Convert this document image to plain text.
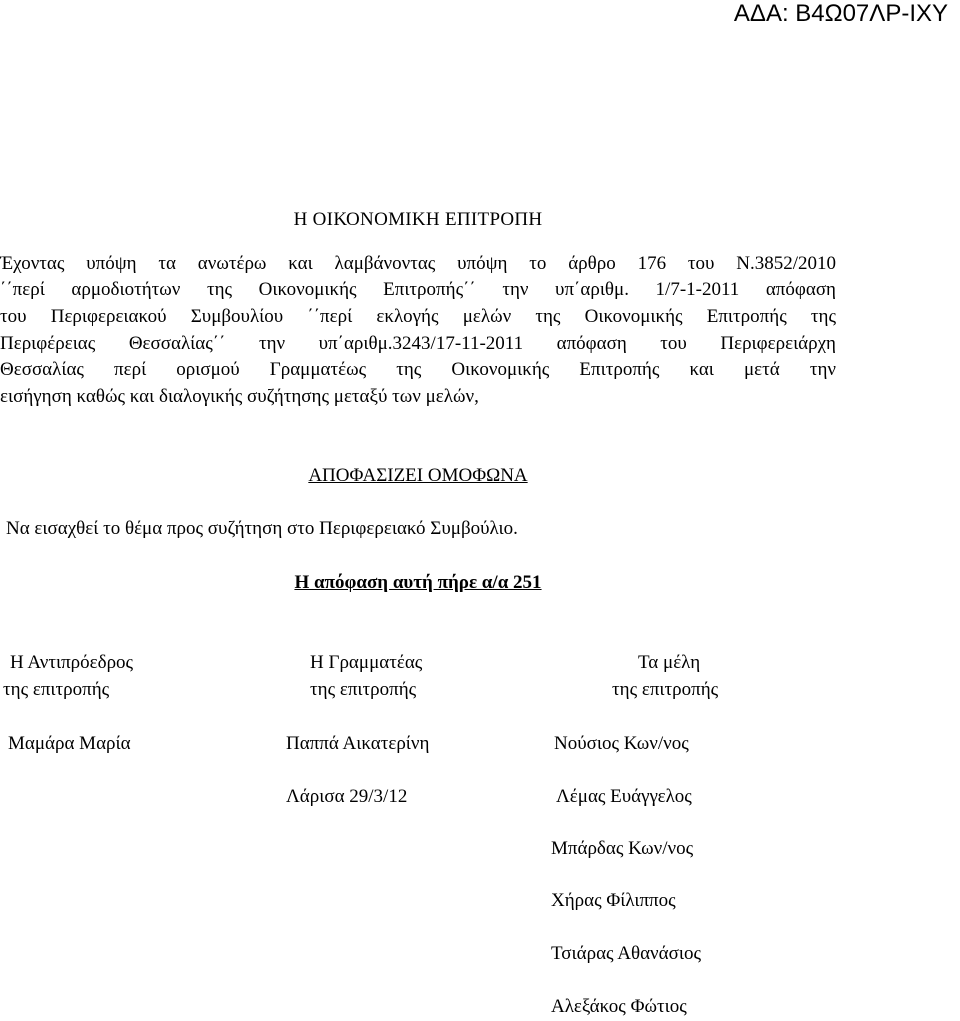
ΑΔΑ: Β4Ω07ΛΡ-ΙΧΥ
Η ΟΙΚΟΝΟΜΙΚΗ ΕΠΙΤΡΟΠΗ
Έχοντας υπόψη τα ανωτέρω και λαμβάνοντας υπόψη το άρθρο 176 του Ν.3852/2010
΄΄περί αρμοδιοτήτων της Οικονομικής Επιτροπής΄΄ την υπ΄αριθμ. 1/7-1-2011 απόφαση
του Περιφερειακού Συμβουλίου ΄΄περί εκλογής μελών της Οικονομικής Επιτροπής της
Περιφέρειας Θεσσαλίας΄΄ την υπ΄αριθμ.3243/17-11-2011 απόφαση του Περιφερειάρχη
Θεσσαλίας περί ορισμού Γραμματέως της Οικονομικής Επιτροπής και μετά την
εισήγηση καθώς και διαλογικής συζήτησης μεταξύ των μελών,
ΑΠΟΦΑΣΙΖΕΙ ΟΜΟΦΩΝΑ
Να εισαχθεί το θέμα προς συζήτηση στο Περιφερειακό Συμβούλιο.
Η απόφαση αυτή πήρε α/α 251
Η Αντιπρόεδρος
της επιτροπής
Η Γραμματέας
της επιτροπής
Τα μέλη
της επιτροπής
Μαμάρα Μαρία	Παππά Αικατερίνη
Λάρισα 29/3/12
Νούσιος Κων/νος
Λέμας Ευάγγελος
Μπάρδας Κων/νος
Χήρας Φίλιππος
Τσιάρας Αθανάσιος
Αλεξάκος Φώτιος
